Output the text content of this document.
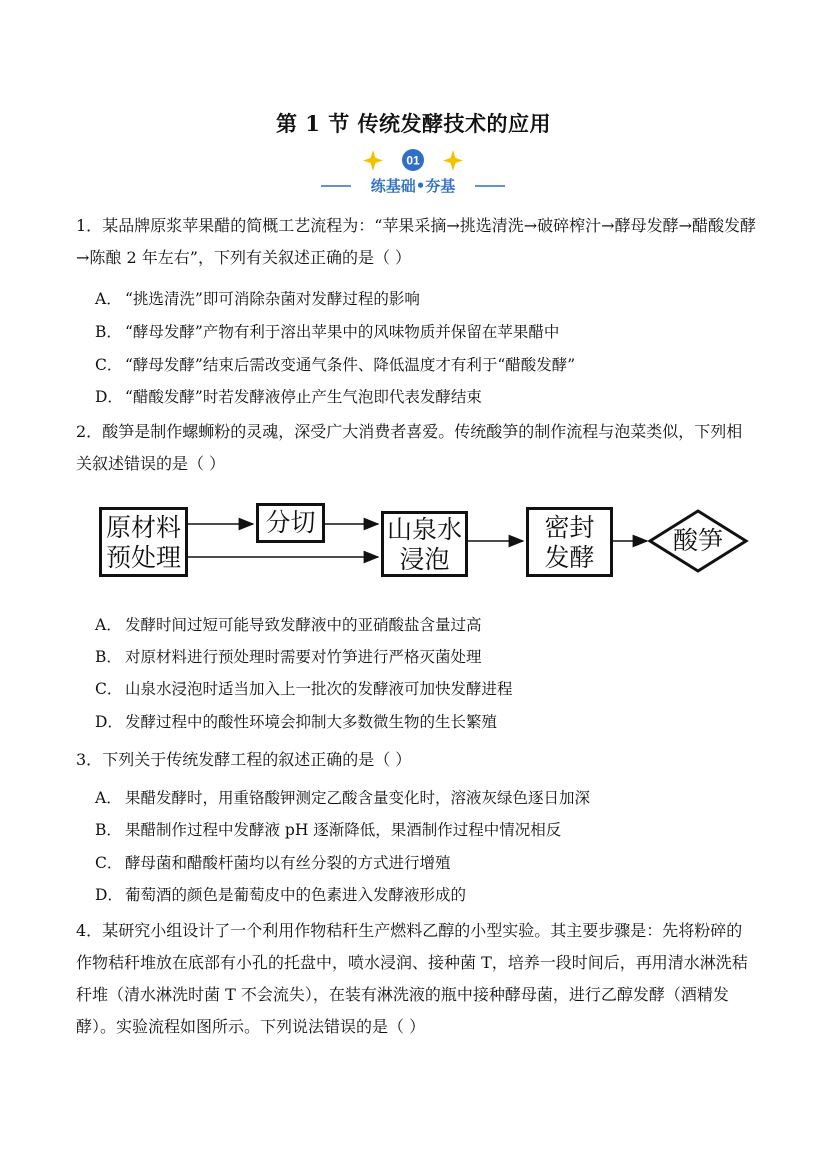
第 1 节 传统发酵技术的应用
01
练基础•夯基
1．某品牌原浆苹果醋的简概工艺流程为：“苹果采摘→挑选清洗→破碎榨汁→酵母发酵→醋酸发酵→陈酿 2 年左右”，下列有关叙述正确的是（ ）
A． “挑选清洗”即可消除杂菌对发酵过程的影响
B． “酵母发酵”产物有利于溶出苹果中的风味物质并保留在苹果醋中
C． “酵母发酵”结束后需改变通气条件、降低温度才有利于“醋酸发酵”
D． “醋酸发酵”时若发酵液停止产生气泡即代表发酵结束
2．酸笋是制作螺蛳粉的灵魂，深受广大消费者喜爱。传统酸笋的制作流程与泡菜类似，下列相关叙述错误的是（ ）
原材料
预处理
分切	山泉水
浸泡
密封
发酵
酸笋
A． 发酵时间过短可能导致发酵液中的亚硝酸盐含量过高
B． 对原材料进行预处理时需要对竹笋进行严格灭菌处理
C． 山泉水浸泡时适当加入上一批次的发酵液可加快发酵进程
D． 发酵过程中的酸性环境会抑制大多数微生物的生长繁殖
3．下列关于传统发酵工程的叙述正确的是（ ）
A． 果醋发酵时，用重铬酸钾测定乙酸含量变化时，溶液灰绿色逐日加深
B． 果醋制作过程中发酵液 pH 逐渐降低，果酒制作过程中情况相反
C． 酵母菌和醋酸杆菌均以有丝分裂的方式进行增殖
D． 葡萄酒的颜色是葡萄皮中的色素进入发酵液形成的
4．某研究小组设计了一个利用作物秸秆生产燃料乙醇的小型实验。其主要步骤是：先将粉碎的作物秸秆堆放在底部有小孔的托盘中，喷水浸润、接种菌 T，培养一段时间后，再用清水淋洗秸秆堆（清水淋洗时菌 T 不会流失），在装有淋洗液的瓶中接种酵母菌，进行乙醇发酵（酒精发酵）。实验流程如图所示。下列说法错误的是（ ）
